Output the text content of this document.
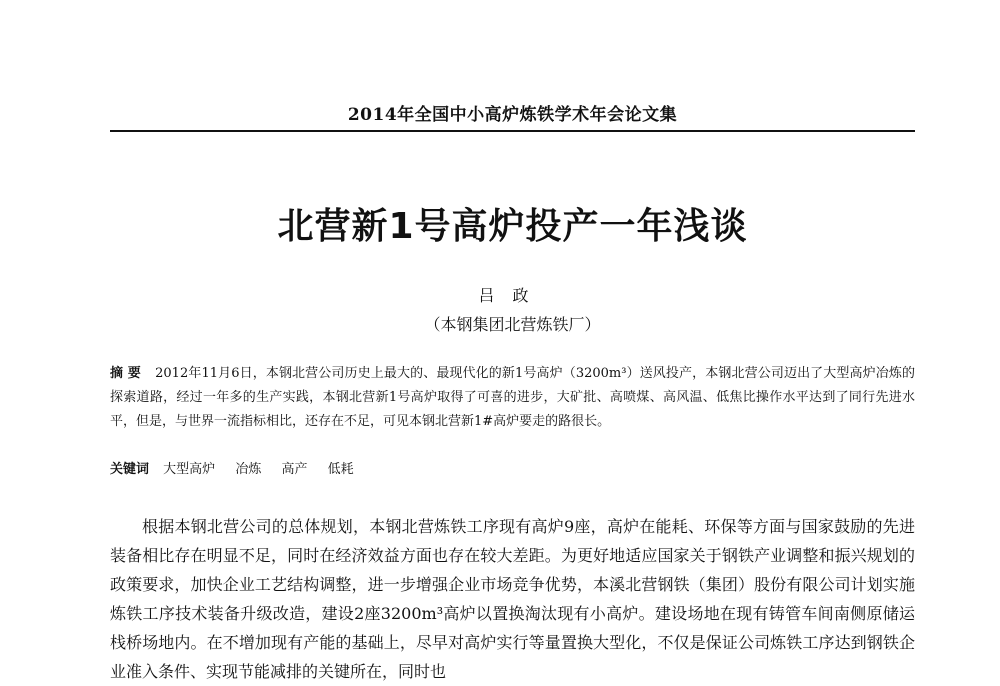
2014年全国中小高炉炼铁学术年会论文集
北营新1号高炉投产一年浅谈
吕政
（本钢集团北营炼铁厂）
摘 要 2012年11月6日，本钢北营公司历史上最大的、最现代化的新1号高炉（3200m³）送风投产，本钢北营公司迈出了大型高炉冶炼的探索道路，经过一年多的生产实践，本钢北营新1号高炉取得了可喜的进步，大矿批、高喷煤、高风温、低焦比操作水平达到了同行先进水平，但是，与世界一流指标相比，还存在不足，可见本钢北营新1#高炉要走的路很长。
关键词 大型高炉 冶炼 高产 低耗
根据本钢北营公司的总体规划，本钢北营炼铁工序现有高炉9座，高炉在能耗、环保等方面与国家鼓励的先进装备相比存在明显不足，同时在经济效益方面也存在较大差距。为更好地适应国家关于钢铁产业调整和振兴规划的政策要求，加快企业工艺结构调整，进一步增强企业市场竞争优势，本溪北营钢铁（集团）股份有限公司计划实施炼铁工序技术装备升级改造，建设2座3200m³高炉以置换淘汰现有小高炉。建设场地在现有铸管车间南侧原储运栈桥场地内。在不增加现有产能的基础上，尽早对高炉实行等量置换大型化，不仅是保证公司炼铁工序达到钢铁企业准入条件、实现节能减排的关键所在，同时也
